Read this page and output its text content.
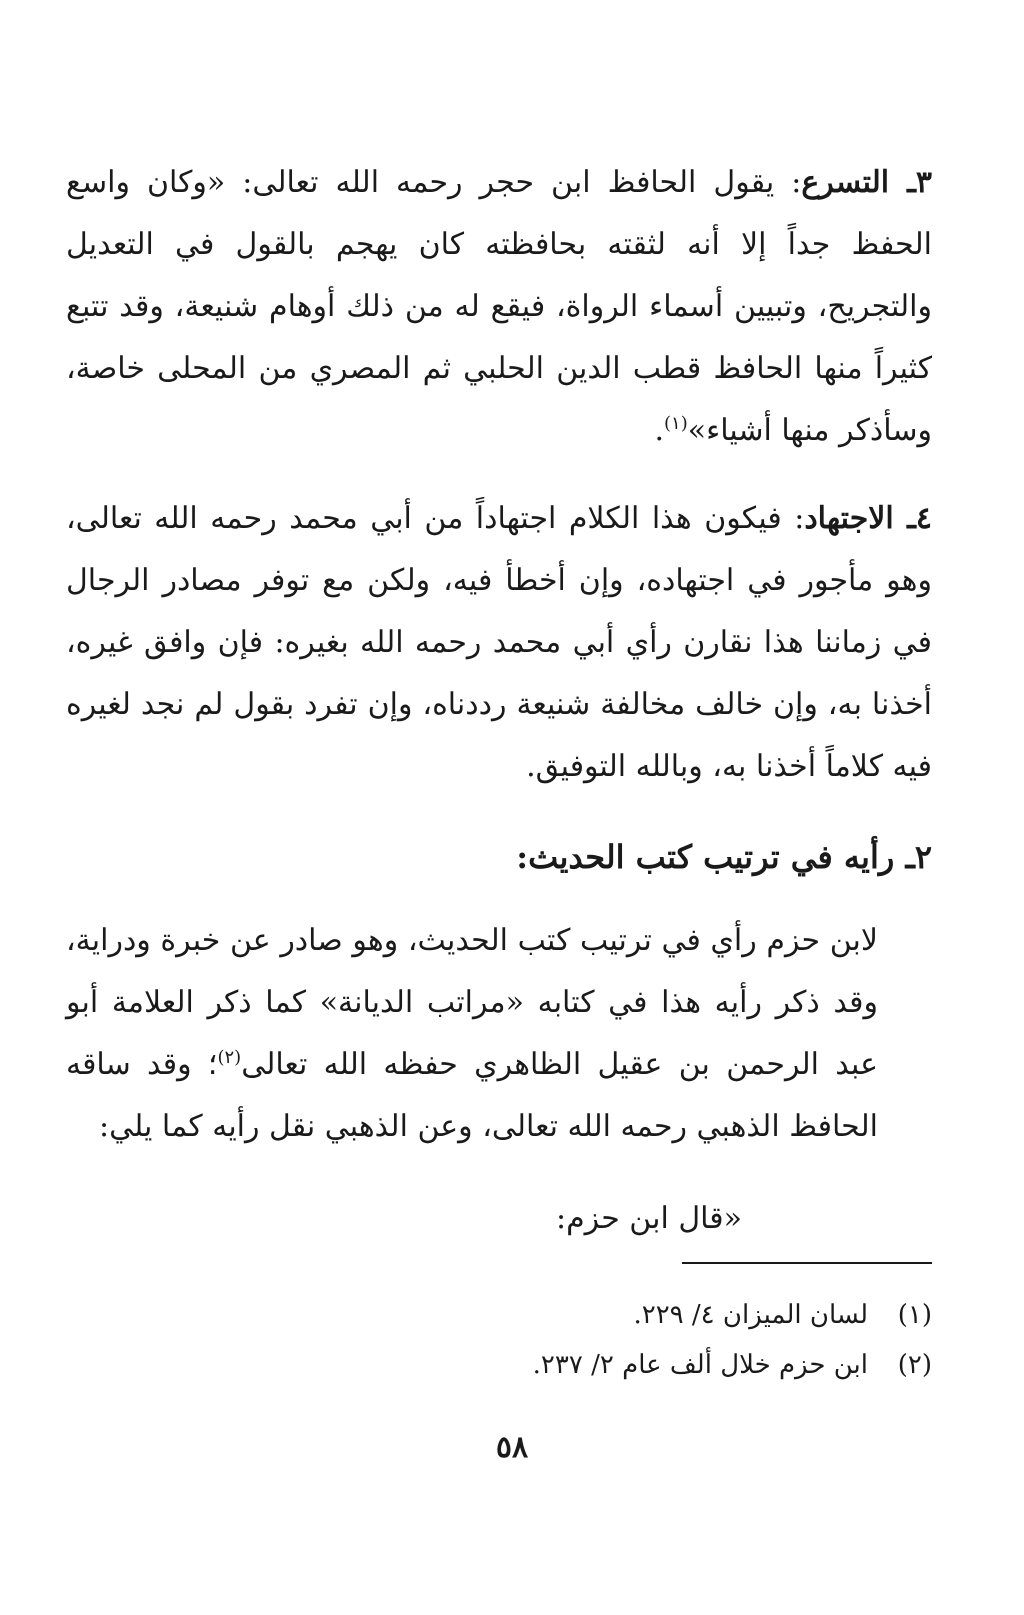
٣ـ التسرع: يقول الحافظ ابن حجر رحمه الله تعالى: «وكان واسع الحفظ جداً إلا أنه لثقته بحافظته كان يهجم بالقول في التعديل والتجريح، وتبيين أسماء الرواة، فيقع له من ذلك أوهام شنيعة، وقد تتبع كثيراً منها الحافظ قطب الدين الحلبي ثم المصري من المحلى خاصة، وسأذكر منها أشياء»$^{(١)}$.

٤ـ الاجتهاد: فيكون هذا الكلام اجتهاداً من أبي محمد رحمه الله تعالى، وهو مأجور في اجتهاده، وإن أخطأ فيه، ولكن مع توفر مصادر الرجال في زماننا هذا نقارن رأي أبي محمد رحمه الله بغيره: فإن وافق غيره، أخذنا به، وإن خالف مخالفة شنيعة رددناه، وإن تفرد بقول لم نجد لغيره فيه كلاماً أخذنا به، وبالله التوفيق.

٢ـ رأيه في ترتيب كتب الحديث:

لابن حزم رأي في ترتيب كتب الحديث، وهو صادر عن خبرة ودراية، وقد ذكر رأيه هذا في كتابه «مراتب الديانة» كما ذكر العلامة أبو عبد الرحمن بن عقيل الظاهري حفظه الله تعالى$^{(٢)}$؛ وقد ساقه الحافظ الذهبي رحمه الله تعالى، وعن الذهبي نقل رأيه كما يلي:

«قال ابن حزم:
(١)لسان الميزان ٤/ ٢٢٩.
(٢)ابن حزم خلال ألف عام ٢/ ٢٣٧.
٥٨
